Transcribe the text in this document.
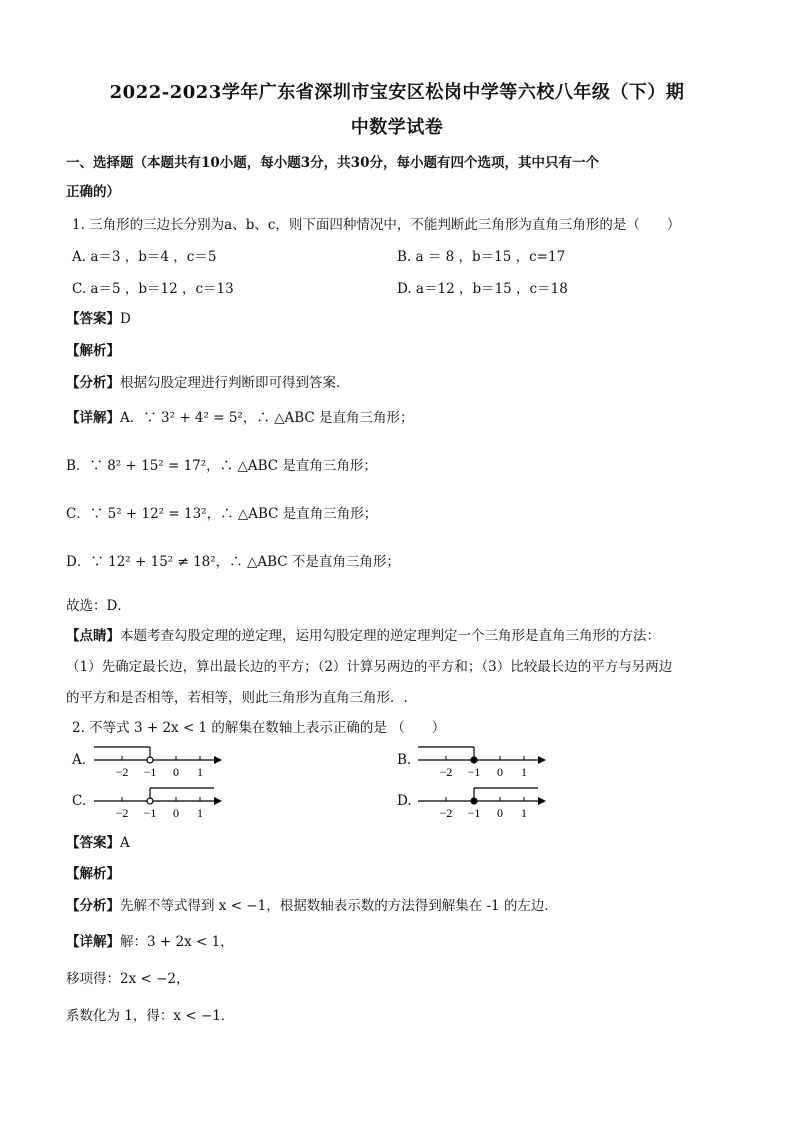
2022-2023学年广东省深圳市宝安区松岗中学等六校八年级（下）期
中数学试卷
一、选择题（本题共有10小题，每小题3分，共30分，每小题有四个选项，其中只有一个
正确的）
1. 三角形的三边长分别为a、b、c，则下面四种情况中，不能判断此三角形为直角三角形的是（　　）
A. a＝3 ，b＝4 ，c＝5	B. a ＝ 8 ，b＝15 ，c=17
C. a＝5 ，b＝12 ，c＝13	D. a＝12 ，b＝15 ，c＝18
【答案】D
【解析】
【分析】根据勾股定理进行判断即可得到答案．
【详解】A．∵ 3² + 4² = 5²，∴ △ABC 是直角三角形；
B．∵ 8² + 15² = 17²，∴ △ABC 是直角三角形；
C．∵ 5² + 12² = 13²，∴ △ABC 是直角三角形；
D．∵ 12² + 15² ≠ 18²，∴ △ABC 不是直角三角形；
故选：D．
【点睛】本题考查勾股定理的逆定理，运用勾股定理的逆定理判定一个三角形是直角三角形的方法：
（1）先确定最长边，算出最长边的平方；（2）计算另两边的平方和；（3）比较最长边的平方与另两边
的平方和是否相等，若相等，则此三角形为直角三角形．.
2. 不等式 3 + 2x < 1 的解集在数轴上表示正确的是 （　　）
A.
−2 −1 0 1
B.
−2 −1 0 1
C.
−2 −1 0 1
D.
−2 −1 0 1
【答案】A
【解析】
【分析】先解不等式得到 x < −1，根据数轴表示数的方法得到解集在 -1 的左边．
【详解】解：3 + 2x < 1，
移项得：2x < −2，
系数化为 1，得：x < −1．
